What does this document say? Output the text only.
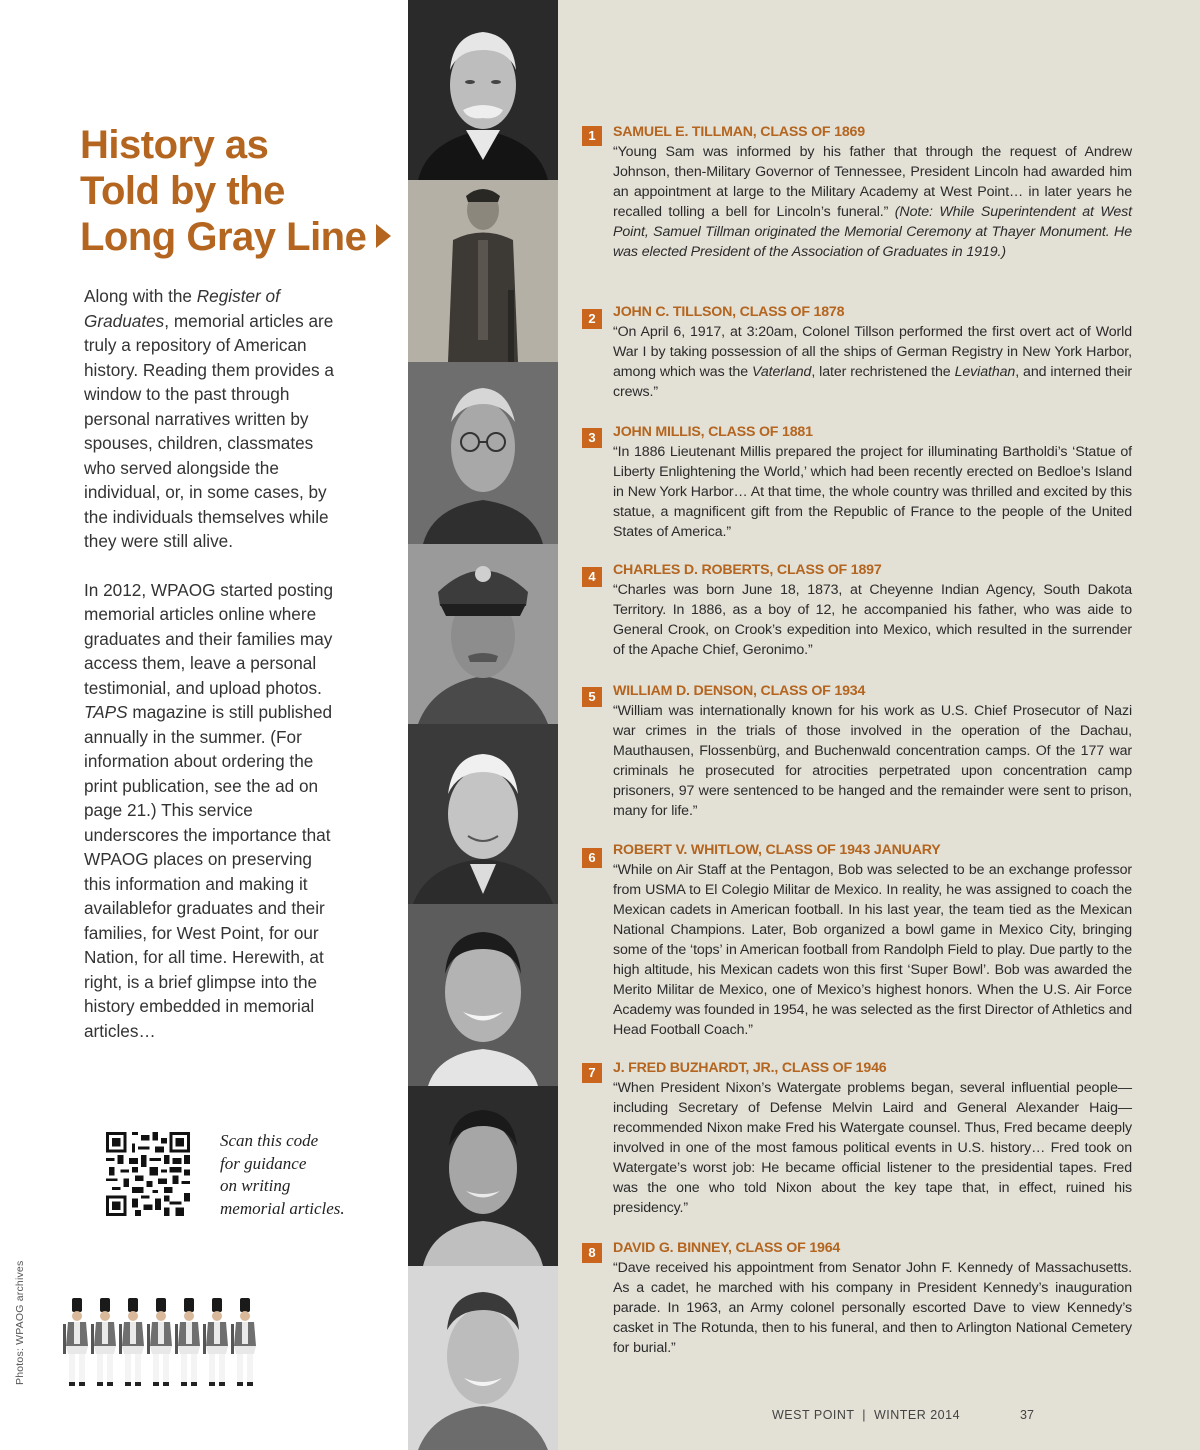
History as
Told by the
Long Gray Line

Along with the Register of Graduates, memorial articles are truly a repository of American history. Reading them provides a window to the past through personal narratives written by spouses, children, classmates who served alongside the individual, or, in some cases, by the individuals themselves while they were still alive.

In 2012, WPAOG started posting memorial articles online where graduates and their families may access them, leave a personal testimonial, and upload photos. TAPS magazine is still published annually in the summer. (For information about ordering the print publication, see the ad on page 21.) This service underscores the importance that WPAOG places on preserving this information and making it availablefor graduates and their families, for West Point, for our Nation, for all time. Herewith, at right, is a brief glimpse into the history embedded in memorial articles…

Scan this code
for guidance
on writing
memorial articles.
Photos: WPAOG archives
1	SAMUEL E. TILLMAN, CLASS OF 1869
“Young Sam was informed by his father that through the request of Andrew Johnson, then-Military Governor of Tennessee, President Lincoln had awarded him an appointment at large to the Military Academy at West Point… in later years he recalled tolling a bell for Lincoln’s funeral.” (Note: While Superintendent at West Point, Samuel Tillman originated the Memorial Ceremony at Thayer Monument. He was elected President of the Association of Graduates in 1919.)
2	JOHN C. TILLSON, CLASS OF 1878
“On April 6, 1917, at 3:20am, Colonel Tillson performed the first overt act of World War I by taking possession of all the ships of German Registry in New York Harbor, among which was the Vaterland, later rechristened the Leviathan, and interned their crews.”
3	JOHN MILLIS, CLASS OF 1881
“In 1886 Lieutenant Millis prepared the project for illuminating Bartholdi’s ‘Statue of Liberty Enlightening the World,’ which had been recently erected on Bedloe’s Island in New York Harbor… At that time, the whole country was thrilled and excited by this statue, a magnificent gift from the Republic of France to the people of the United States of America.”
4	CHARLES D. ROBERTS, CLASS OF 1897
“Charles was born June 18, 1873, at Cheyenne Indian Agency, South Dakota Territory. In 1886, as a boy of 12, he accompanied his father, who was aide to General Crook, on Crook’s expedition into Mexico, which resulted in the surrender of the Apache Chief, Geronimo.”
5	WILLIAM D. DENSON, CLASS OF 1934
“William was internationally known for his work as U.S. Chief Prosecutor of Nazi war crimes in the trials of those involved in the operation of the Dachau, Mauthausen, Flossenbürg, and Buchenwald concentration camps. Of the 177 war criminals he prosecuted for atrocities perpetrated upon concentration camp prisoners, 97 were sentenced to be hanged and the remainder were sent to prison, many for life.”
6	ROBERT V. WHITLOW, CLASS OF 1943 JANUARY
“While on Air Staff at the Pentagon, Bob was selected to be an exchange professor from USMA to El Colegio Militar de Mexico. In reality, he was assigned to coach the Mexican cadets in American football. In his last year, the team tied as the Mexican National Champions. Later, Bob organized a bowl game in Mexico City, bringing some of the ‘tops’ in American football from Randolph Field to play. Due partly to the high altitude, his Mexican cadets won this first ‘Super Bowl’. Bob was awarded the Merito Militar de Mexico, one of Mexico’s highest honors. When the U.S. Air Force Academy was founded in 1954, he was selected as the first Director of Athletics and Head Football Coach.”
7	J. FRED BUZHARDT, JR., CLASS OF 1946
“When President Nixon’s Watergate problems began, several influential people—including Secretary of Defense Melvin Laird and General Alexander Haig—recommended Nixon make Fred his Watergate counsel. Thus, Fred became deeply involved in one of the most famous political events in U.S. history… Fred took on Watergate’s worst job: He became official listener to the presidential tapes. Fred was the one who told Nixon about the key tape that, in effect, ruined his presidency.”
8	DAVID G. BINNEY, CLASS OF 1964
“Dave received his appointment from Senator John F. Kennedy of Massachusetts. As a cadet, he marched with his company in President Kennedy’s inauguration parade. In 1963, an Army colonel personally escorted Dave to view Kennedy’s casket in The Rotunda, then to his funeral, and then to Arlington National Cemetery for burial.”
WEST POINT  |  WINTER 2014	37
